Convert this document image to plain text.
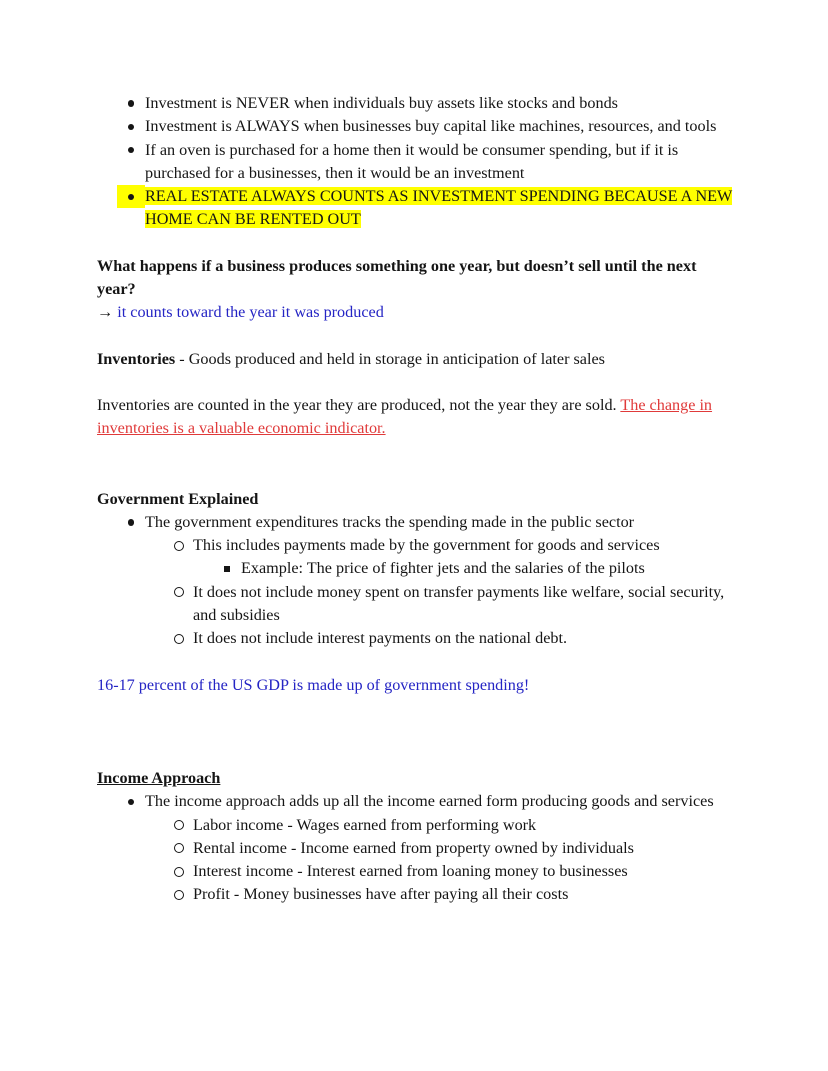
Investment is NEVER when individuals buy assets like stocks and bonds
Investment is ALWAYS when businesses buy capital like machines, resources, and tools
If an oven is purchased for a home then it would be consumer spending, but if it is purchased for a businesses, then it would be an investment
REAL ESTATE ALWAYS COUNTS AS INVESTMENT SPENDING BECAUSE A NEW HOME CAN BE RENTED OUT

What happens if a business produces something one year, but doesn’t sell until the next  year?

→ it counts toward the year it was produced

Inventories - Goods produced and held in storage in anticipation of later sales

Inventories are counted in the year they are produced, not the year they are sold. The change in inventories is a valuable economic indicator.

Government Explained

The government expenditures tracks the spending made in the public sector
This includes payments made by the government for goods and services
Example: The price of fighter jets and the salaries of the pilots
It does not include money spent on transfer payments like welfare, social security, and subsidies
It does not include interest payments on the national debt.

16-17 percent of the US GDP is made up of government spending!

Income Approach

The income approach adds up all the income earned form producing goods and services
Labor income - Wages earned from performing work
Rental income - Income earned from property owned by individuals
Interest income - Interest earned from loaning money to businesses
Profit - Money businesses have after paying all their costs
